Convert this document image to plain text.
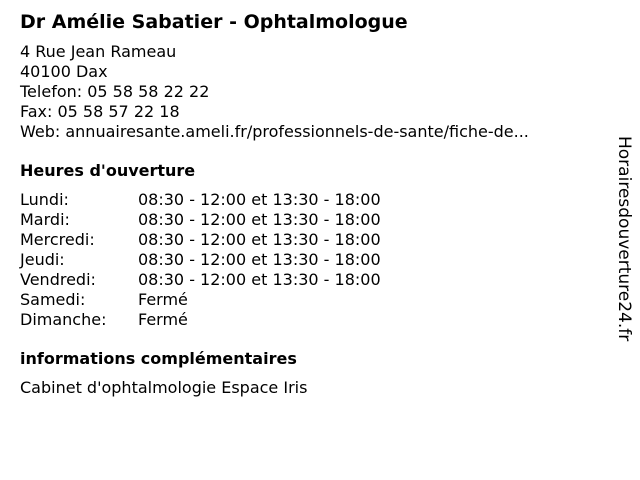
Dr Amélie Sabatier - Ophtalmologue
4 Rue Jean Rameau
40100 Dax
Telefon: 05 58 58 22 22
Fax: 05 58 57 22 18
Web: annuairesante.ameli.fr/professionnels-de-sante/fiche-de...
Heures d'ouverture
Lundi:	08:30 - 12:00 et 13:30 - 18:00
Mardi:	08:30 - 12:00 et 13:30 - 18:00
Mercredi:	08:30 - 12:00 et 13:30 - 18:00
Jeudi:	08:30 - 12:00 et 13:30 - 18:00
Vendredi:	08:30 - 12:00 et 13:30 - 18:00
Samedi:	Fermé
Dimanche:	Fermé
informations complémentaires
Cabinet d'ophtalmologie Espace Iris
Horairesdouverture24.fr
